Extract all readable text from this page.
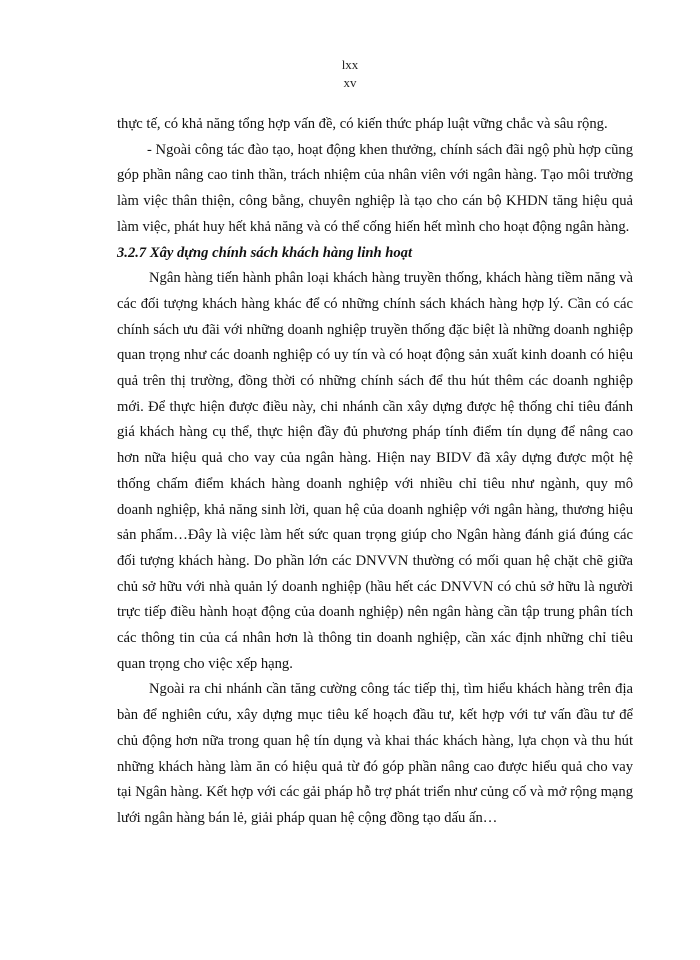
lxx
xv

thực tế, có khả năng tổng hợp vấn đề, có kiến thức pháp luật vững chắc và sâu rộng.

- Ngoài công tác đào tạo, hoạt động khen thưởng, chính sách đãi ngộ phù hợp cũng góp phần nâng cao tinh thần, trách nhiệm của nhân viên với ngân hàng. Tạo môi trường làm việc thân thiện, công bằng, chuyên nghiệp là tạo cho cán bộ KHDN tăng hiệu quả làm việc, phát huy hết khả năng và có thể cống hiến hết mình cho hoạt động ngân hàng.

3.2.7 Xây dựng chính sách khách hàng linh hoạt

Ngân hàng tiến hành phân loại khách hàng truyền thống, khách hàng tiềm năng và các đối tượng khách hàng khác để có những chính sách khách hàng hợp lý. Cần có các chính sách ưu đãi với những doanh nghiệp truyền thống đặc biệt là những doanh nghiệp quan trọng như các doanh nghiệp có uy tín và có hoạt động sản xuất kinh doanh có hiệu quả trên thị trường, đồng thời có những chính sách để thu hút thêm các doanh nghiệp mới. Để thực hiện được điều này, chi nhánh cần xây dựng được hệ thống chỉ tiêu đánh giá khách hàng cụ thể, thực hiện đầy đủ phương pháp tính điểm tín dụng để nâng cao hơn nữa hiệu quả cho vay của ngân hàng. Hiện nay BIDV đã xây dựng được một hệ thống chấm điểm khách hàng doanh nghiệp với nhiều chỉ tiêu như ngành, quy mô doanh nghiệp, khả năng sinh lời, quan hệ của doanh nghiệp với ngân hàng, thương hiệu sản phẩm…Đây là việc làm hết sức quan trọng giúp cho Ngân hàng đánh giá đúng các đối tượng khách hàng. Do phần lớn các DNVVN thường có mối quan hệ chặt chẽ giữa chủ sở hữu với nhà quản lý doanh nghiệp (hầu hết các DNVVN có chủ sở hữu là người trực tiếp điều hành hoạt động của doanh nghiệp) nên ngân hàng cần tập trung phân tích các thông tin của cá nhân hơn là thông tin doanh nghiệp, cần xác định những chỉ tiêu quan trọng cho việc xếp hạng.

Ngoài ra chi nhánh cần tăng cường công tác tiếp thị, tìm hiểu khách hàng trên địa bàn để nghiên cứu, xây dựng mục tiêu kế hoạch đầu tư, kết hợp với tư vấn đầu tư để chủ động hơn nữa trong quan hệ tín dụng và khai thác khách hàng, lựa chọn và thu hút những khách hàng làm ăn có hiệu quả từ đó góp phần nâng cao được hiểu quả cho vay tại Ngân hàng. Kết hợp với các gải pháp hỗ trợ phát triển như củng cố và mở rộng mạng lưới ngân hàng bán lẻ, giải pháp quan hệ cộng đồng tạo dấu ấn…
